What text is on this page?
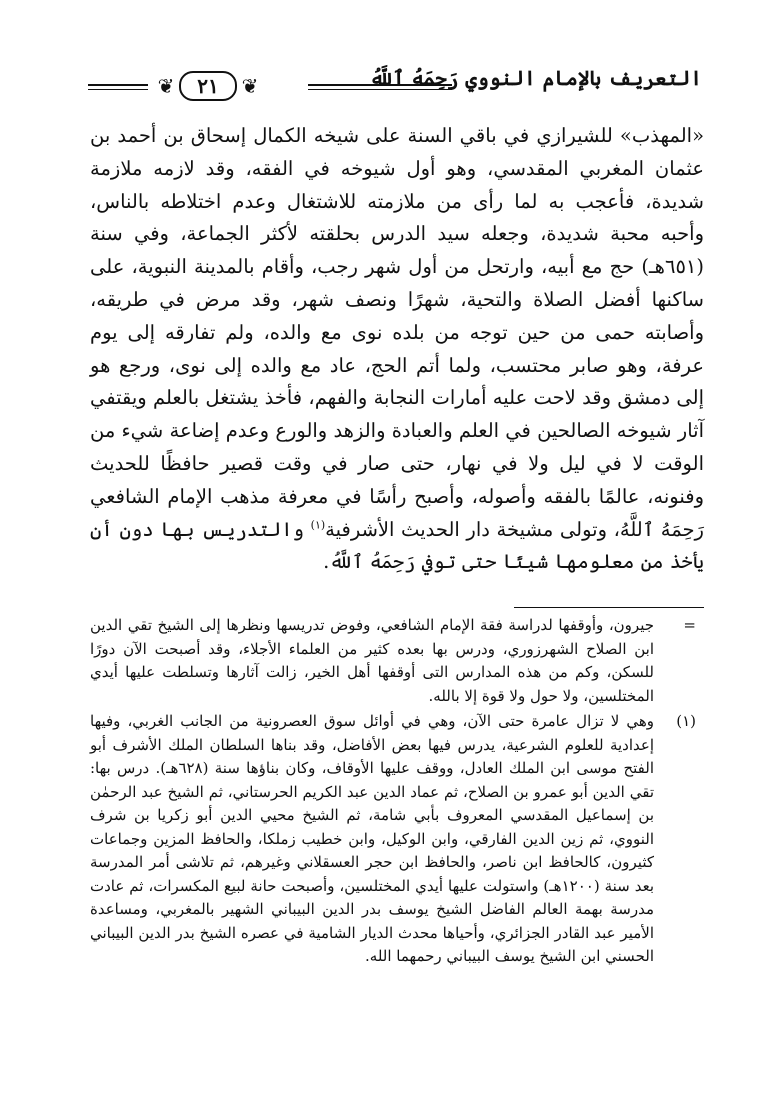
التعريف بالإمام النووي رَحِمَهُ ٱللَّهُ
❦	٢١	❦

«المهذب» للشيرازي في باقي السنة على شيخه الكمال إسحاق بن أحمد بن عثمان المغربي المقدسي، وهو أول شيوخه في الفقه، وقد لازمه ملازمة شديدة، فأعجب به لما رأى من ملازمته للاشتغال وعدم اختلاطه بالناس، وأحبه محبة شديدة، وجعله سيد الدرس بحلقته لأكثر الجماعة، وفي سنة (٦٥١هـ) حج مع أبيه، وارتحل من أول شهر رجب، وأقام بالمدينة النبوية، على ساكنها أفضل الصلاة والتحية، شهرًا ونصف شهر، وقد مرض في طريقه، وأصابته حمى من حين توجه من بلده نوى مع والده، ولم تفارقه إلى يوم عرفة، وهو صابر محتسب، ولما أتم الحج، عاد مع والده إلى نوى، ورجع هو إلى دمشق وقد لاحت عليه أمارات النجابة والفهم، فأخذ يشتغل بالعلم ويقتفي آثار شيوخه الصالحين في العلم والعبادة والزهد والورع وعدم إضاعة شيء من الوقت لا في ليل ولا في نهار، حتى صار في وقت قصير حافظًا للحديث وفنونه، عالمًا بالفقه وأصوله، وأصبح رأسًا في معرفة مذهب الإمام الشافعي رَحِمَهُ ٱللَّهُ، وتولى مشيخة دار الحديث الأشرفية$^{(١)}$ والتدريس بها دون أن يأخذ من معلومها شيئًا حتى توفي رَحِمَهُ ٱللَّهُ.

=
جيرون، وأوقفها لدراسة فقة الإمام الشافعي، وفوض تدريسها ونظرها إلى الشيخ تقي الدين ابن الصلاح الشهرزوري، ودرس بها بعده كثير من العلماء الأجلاء، وقد أصبحت الآن دورًا للسكن، وكم من هذه المدارس التى أوقفها أهل الخير، زالت آثارها وتسلطت عليها أيدي المختلسين، ولا حول ولا قوة إلا بالله.
(١)
وهي لا تزال عامرة حتى الآن، وهي في أوائل سوق العصرونية من الجانب الغربي، وفيها إعدادية للعلوم الشرعية، يدرس فيها بعض الأفاضل، وقد بناها السلطان الملك الأشرف أبو الفتح موسى ابن الملك العادل، ووقف عليها الأوقاف، وكان بناؤها سنة (٦٢٨هـ). درس بها: تقي الدين أبو عمرو بن الصلاح، ثم عماد الدين عبد الكريم الحرستاني، ثم الشيخ عبد الرحمٰن بن إسماعيل المقدسي المعروف بأبي شامة، ثم الشيخ محيي الدين أبو زكريا بن شرف النووي، ثم زين الدين الفارقي، وابن الوكيل، وابن خطيب زملكا، والحافظ المزين وجماعات كثيرون، كالحافظ ابن ناصر، والحافظ ابن حجر العسقلاني وغيرهم، ثم تلاشى أمر المدرسة بعد سنة (١٢٠٠هـ) واستولت عليها أيدي المختلسين، وأصبحت حانة لبيع المكسرات، ثم عادت مدرسة بهمة العالم الفاضل الشيخ يوسف بدر الدين البيباني الشهير بالمغربي، ومساعدة الأمير عبد القادر الجزائري، وأحياها محدث الديار الشامية في عصره الشيخ بدر الدين البيباني الحسني ابن الشيخ يوسف البيباني رحمهما الله.
